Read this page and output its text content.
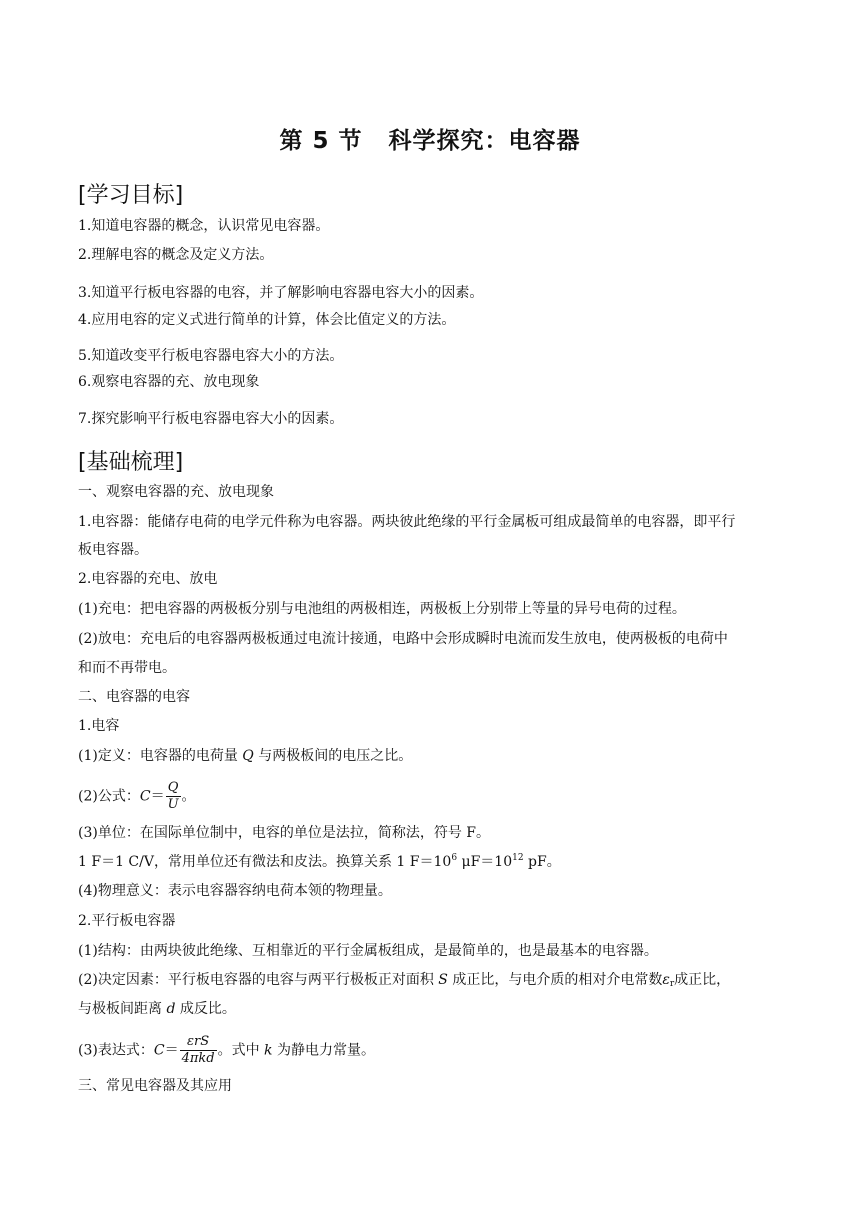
第 5 节 科学探究：电容器
[学习目标]
1.知道电容器的概念，认识常见电容器。
2.理解电容的概念及定义方法。
3.知道平行板电容器的电容，并了解影响电容器电容大小的因素。
4.应用电容的定义式进行简单的计算，体会比值定义的方法。
5.知道改变平行板电容器电容大小的方法。
6.观察电容器的充、放电现象
7.探究影响平行板电容器电容大小的因素。
[基础梳理]
一、观察电容器的充、放电现象
1.电容器：能储存电荷的电学元件称为电容器。两块彼此绝缘的平行金属板可组成最简单的电容器，即平行
板电容器。
2.电容器的充电、放电
(1)充电：把电容器的两极板分别与电池组的两极相连，两极板上分别带上等量的异号电荷的过程。
(2)放电：充电后的电容器两极板通过电流计接通，电路中会形成瞬时电流而发生放电，使两极板的电荷中
和而不再带电。
二、电容器的电容
1.电容
(1)定义：电容器的电荷量 Q 与两极板间的电压之比。
(2)公式：$C= \frac{Q}{U}$ 。
(3)单位：在国际单位制中，电容的单位是法拉，简称法，符号 F。
1 F＝1 C/V，常用单位还有微法和皮法。换算关系 1 $F=10^6$ $\mu F=10^{12}$ pF。
(4)物理意义：表示电容器容纳电荷本领的物理量。
2.平行板电容器
(1)结构：由两块彼此绝缘、互相靠近的平行金属板组成，是最简单的，也是最基本的电容器。
(2)决定因素：平行板电容器的电容与两平行极板正对面积 S 成正比，与电介质的相对介电常数$\varepsilon_r$成正比，
与极板间距离 d 成反比。
(3)表达式：$C= \frac{\text{εrS}}{\text{4πkd}}$ 。式中 k 为静电力常量。
三、常见电容器及其应用
